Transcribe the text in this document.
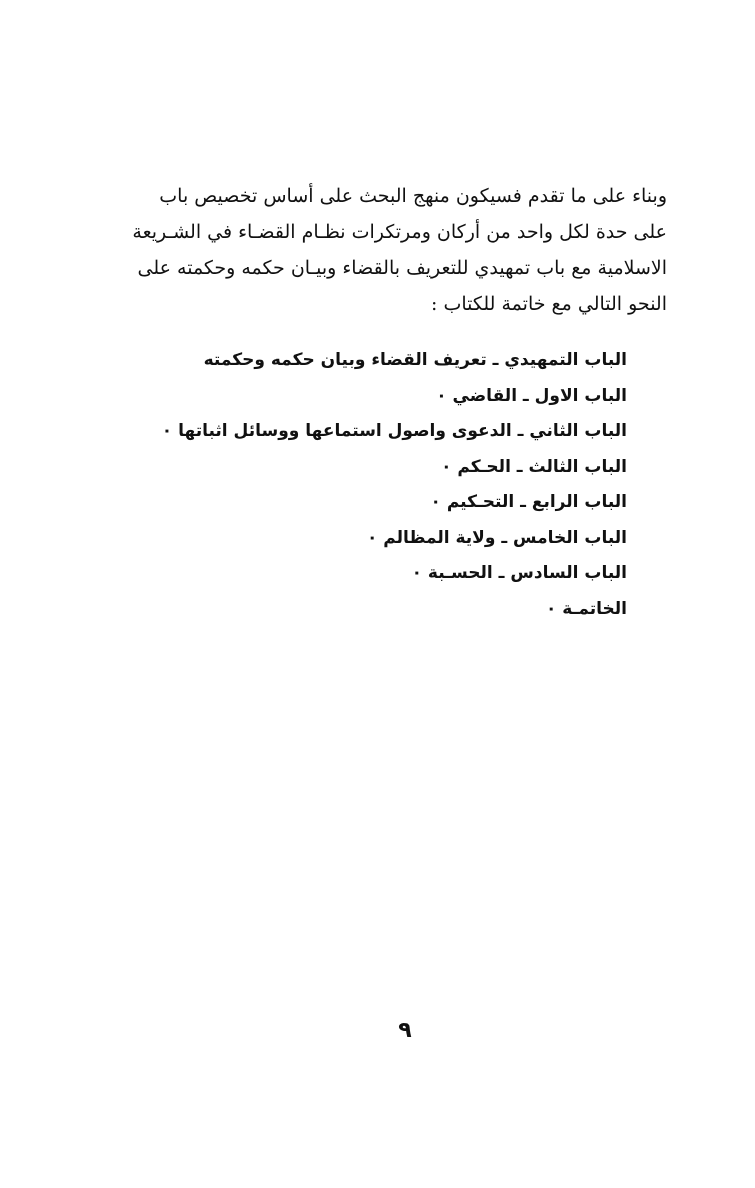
وبناء على ما تقدم فسيكون منهج البحث على أساس تخصيص باب
على حدة لكل واحد من أركان ومرتكرات نظـام القضـاء في الشـريعة
الاسلامية مع باب تمهيدي للتعريف بالقضاء وبيـان حكمه وحكمته على
النحو التالي مع خاتمة للكتاب :
الباب التمهيدي ـ تعريف القضاء وبيان حكمه وحكمته
الباب الاول ـ القاضي ٠
الباب الثاني ـ الدعوى واصول استماعها ووسائل اثباتها ٠
الباب الثالث ـ الحـكم ٠
الباب الرابع ـ التحـكيم ٠
الباب الخامس ـ ولاية المظالم ٠
الباب السادس ـ الحسـبة ٠
الخاتمـة ٠
٩
